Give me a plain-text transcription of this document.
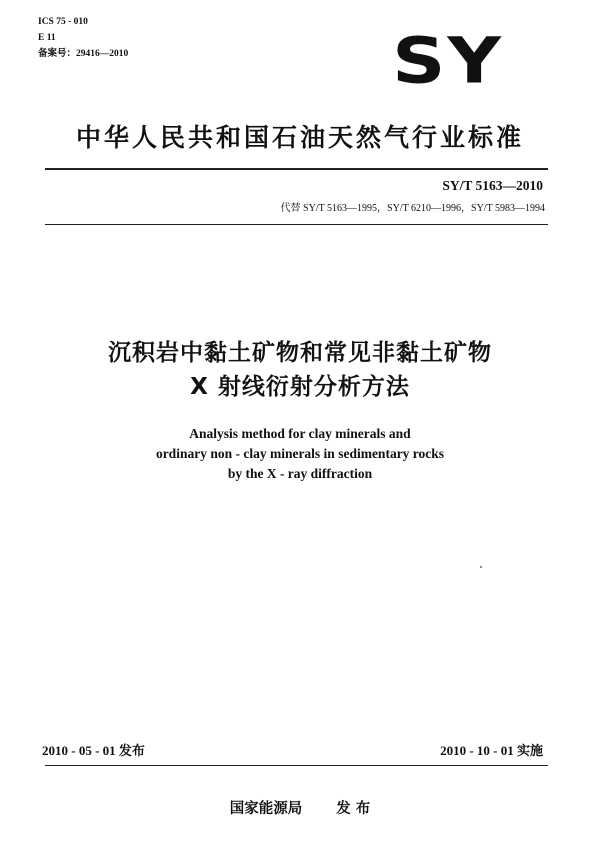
ICS 75 - 010
E 11
备案号：29416—2010	SY
中华人民共和国石油天然气行业标准
SY/T 5163—2010
代替 SY/T 5163—1995，SY/T 6210—1996，SY/T 5983—1994
沉积岩中黏土矿物和常见非黏土矿物
X 射线衍射分析方法
Analysis method for clay minerals and
ordinary non - clay minerals in sedimentary rocks
by the X - ray diffraction
2010 - 05 - 01 发布	2010 - 10 - 01 实施
国家能源局 发 布
